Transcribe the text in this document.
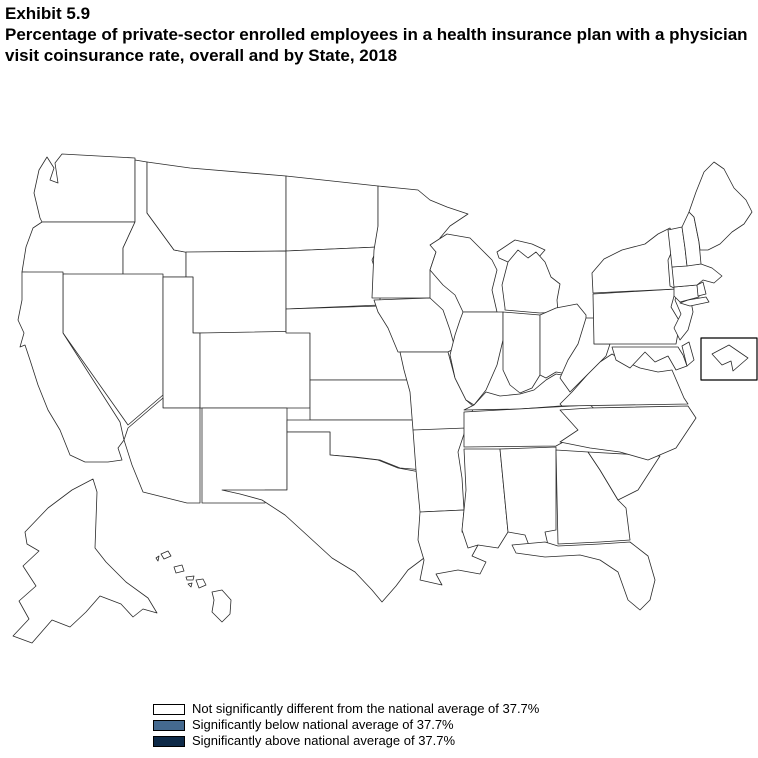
Exhibit 5.9
Percentage of private-sector enrolled employees in a health insurance plan with a physician visit coinsurance rate, overall and by State, 2018
Not significantly different from the national average of 37.7%
Significantly below national average of 37.7%
Significantly above national average of 37.7%
